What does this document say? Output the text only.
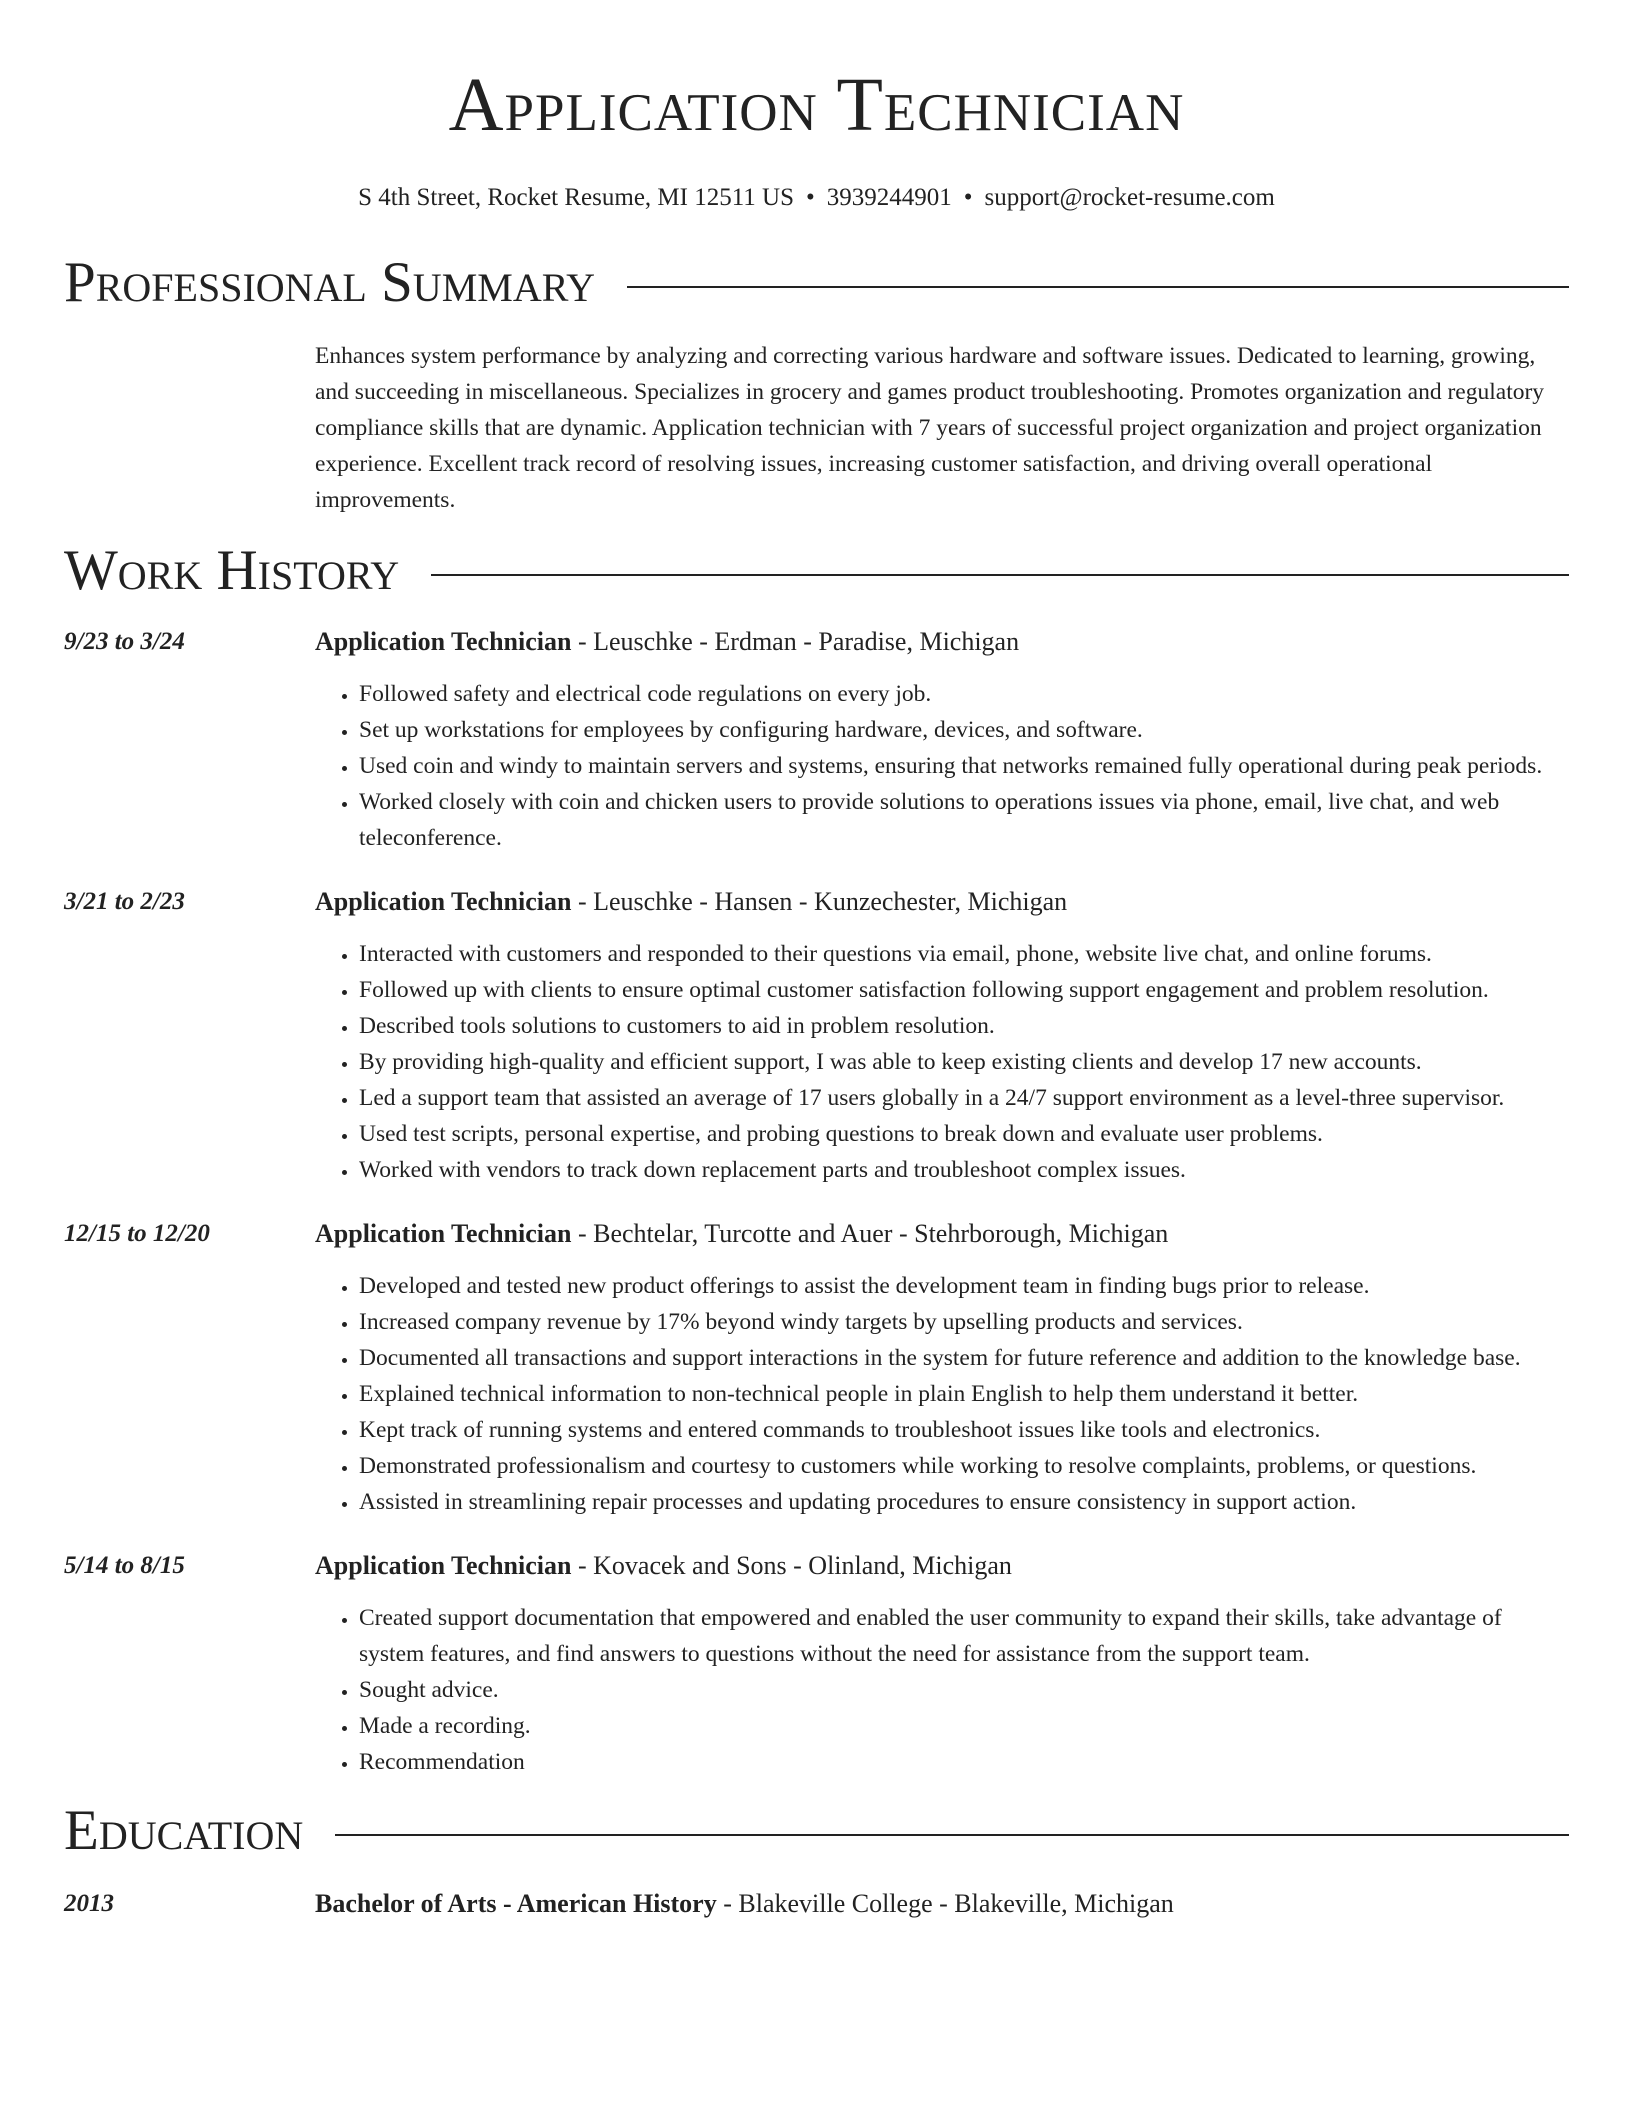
Application Technician
S 4th Street, Rocket Resume, MI 12511 US • 3939244901 • support@rocket-resume.com
Professional Summary

Enhances system performance by analyzing and correcting various hardware and software issues. Dedicated to learning, growing, and succeeding in miscellaneous. Specializes in grocery and games product troubleshooting. Promotes organization and regulatory compliance skills that are dynamic. Application technician with 7 years of successful project organization and project organization experience. Excellent track record of resolving issues, increasing customer satisfaction, and driving overall operational improvements.

Work History
9/23 to 3/24	Application Technician - Leuschke - Erdman - Paradise, Michigan
• Followed safety and electrical code regulations on every job.
• Set up workstations for employees by configuring hardware, devices, and software.
• Used coin and windy to maintain servers and systems, ensuring that networks remained fully operational during peak periods.
• Worked closely with coin and chicken users to provide solutions to operations issues via phone, email, live chat, and web teleconference.
3/21 to 2/23	Application Technician - Leuschke - Hansen - Kunzechester, Michigan
• Interacted with customers and responded to their questions via email, phone, website live chat, and online forums.
• Followed up with clients to ensure optimal customer satisfaction following support engagement and problem resolution.
• Described tools solutions to customers to aid in problem resolution.
• By providing high-quality and efficient support, I was able to keep existing clients and develop 17 new accounts.
• Led a support team that assisted an average of 17 users globally in a 24/7 support environment as a level-three supervisor.
• Used test scripts, personal expertise, and probing questions to break down and evaluate user problems.
• Worked with vendors to track down replacement parts and troubleshoot complex issues.
12/15 to 12/20	Application Technician - Bechtelar, Turcotte and Auer - Stehrborough, Michigan
• Developed and tested new product offerings to assist the development team in finding bugs prior to release.
• Increased company revenue by 17% beyond windy targets by upselling products and services.
• Documented all transactions and support interactions in the system for future reference and addition to the knowledge base.
• Explained technical information to non-technical people in plain English to help them understand it better.
• Kept track of running systems and entered commands to troubleshoot issues like tools and electronics.
• Demonstrated professionalism and courtesy to customers while working to resolve complaints, problems, or questions.
• Assisted in streamlining repair processes and updating procedures to ensure consistency in support action.
5/14 to 8/15	Application Technician - Kovacek and Sons - Olinland, Michigan
• Created support documentation that empowered and enabled the user community to expand their skills, take advantage of system features, and find answers to questions without the need for assistance from the support team.
• Sought advice.
• Made a recording.
• Recommendation
Education
2013	Bachelor of Arts - American History - Blakeville College - Blakeville, Michigan
